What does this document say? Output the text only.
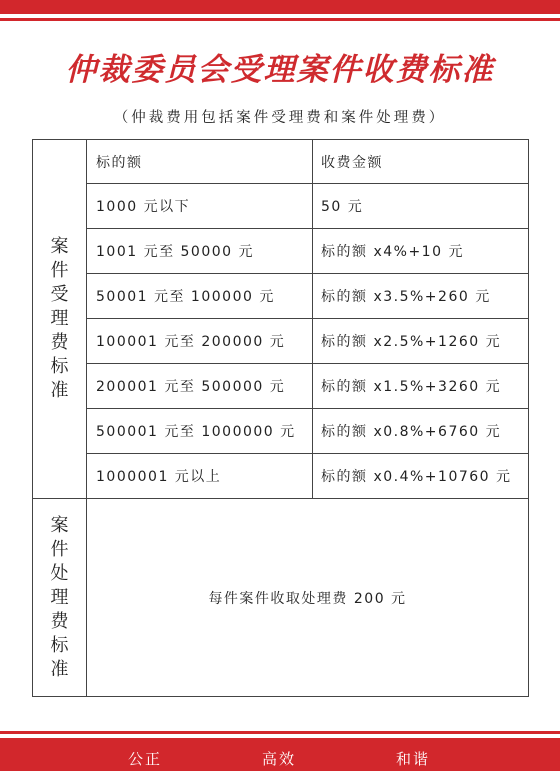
仲裁委员会受理案件收费标准
（仲裁费用包括案件受理费和案件处理费）
案件受理费标准	标的额	收费金额
	1000 元以下	50 元
	1001 元至 50000 元	标的额 x4%+10 元
	50001 元至 100000 元	标的额 x3.5%+260 元
	100001 元至 200000 元	标的额 x2.5%+1260 元
	200001 元至 500000 元	标的额 x1.5%+3260 元
	500001 元至 1000000 元	标的额 x0.8%+6760 元
	1000001 元以上	标的额 x0.4%+10760 元
案件处理费标准	每件案件收取处理费 200 元	
公正	高效	和谐
